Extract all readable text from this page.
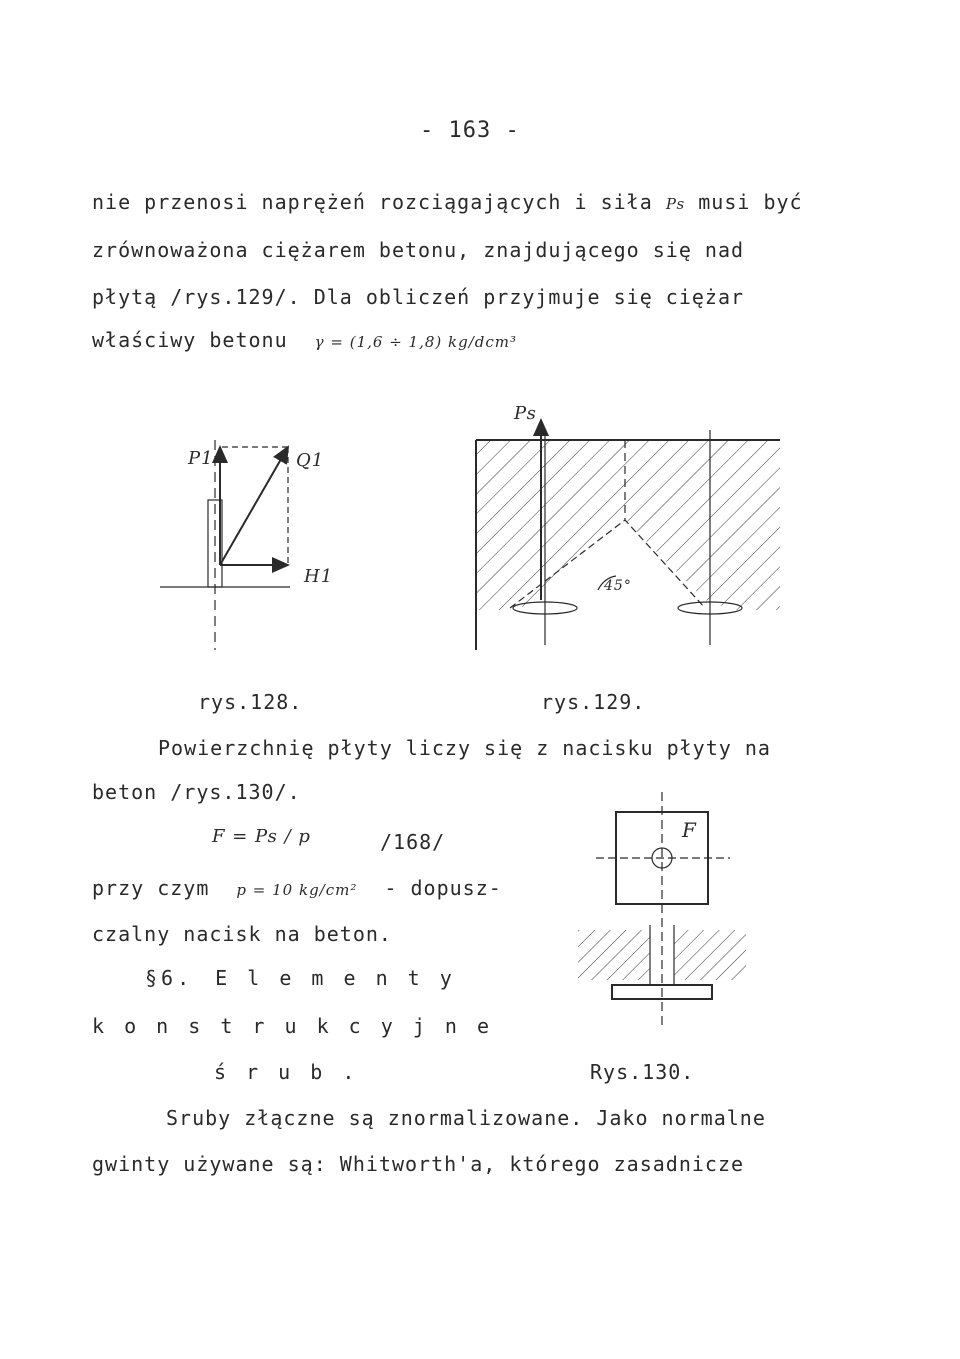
- 163 -
nie przenosi naprężeń rozciągających i siła Ps musi być
zrównoważona ciężarem betonu, znajdującego się nad
płytą /rys.129/. Dla obliczeń przyjmuje się ciężar
właściwy betonu γ = (1,6 ÷ 1,8) kg/dcm³
P1	Q1
H1
rys.128.
Ps
45°
rys.129.
Powierzchnię płyty liczy się z nacisku płyty na
beton /rys.130/.
F = Ps / p	/168/
przy czym p = 10 kg/cm² - dopusz-
czalny nacisk na beton.
§6. E l e m e n t y
k o n s t r u k c y j n e
ś r u b .
F
Rys.130.
Sruby złączne są znormalizowane. Jako normalne
gwinty używane są: Whitworth'a, którego zasadnicze
